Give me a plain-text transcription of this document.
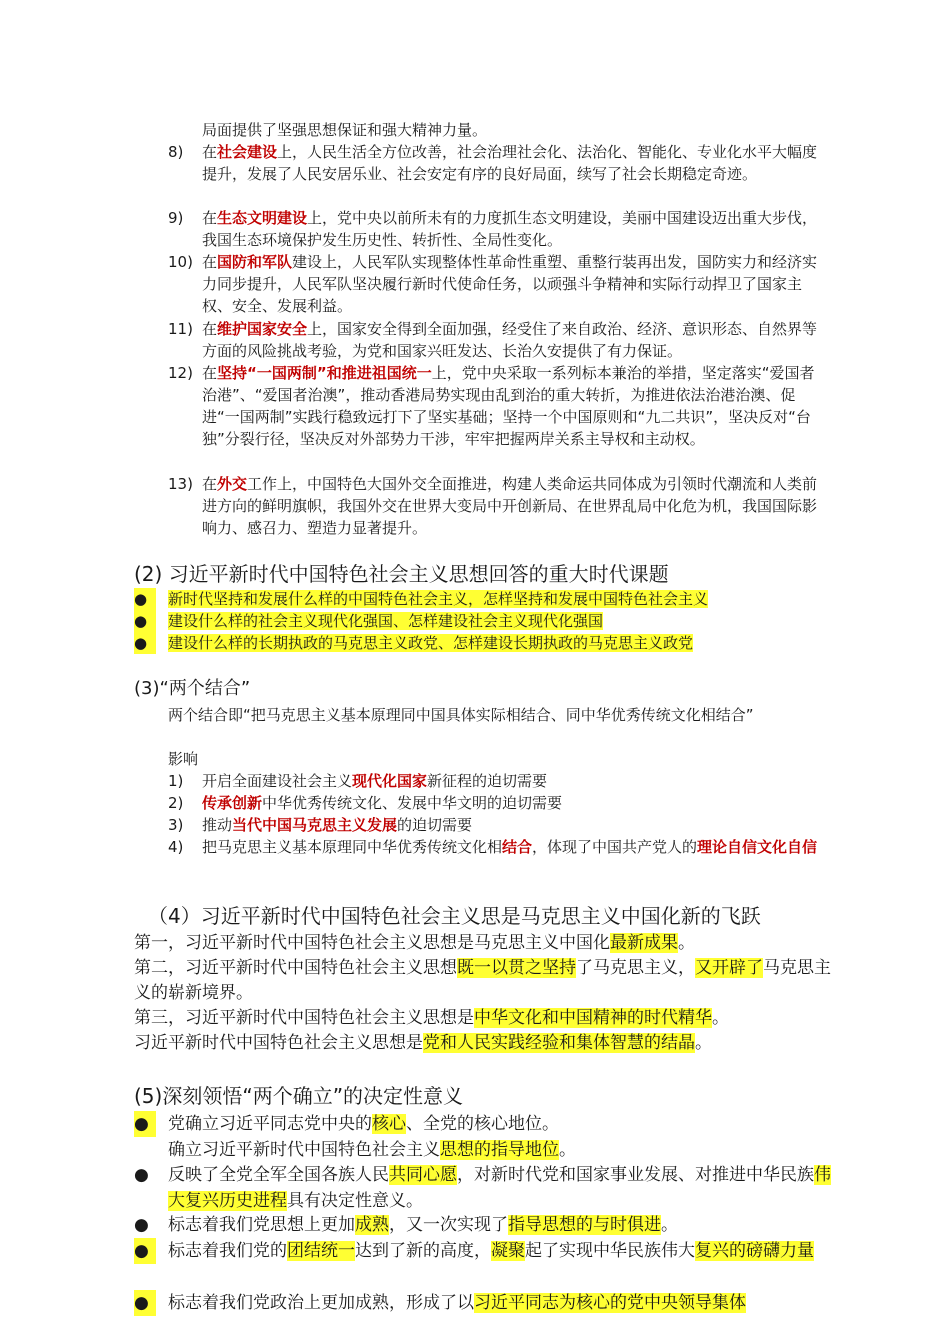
局面提供了坚强思想保证和强大精神力量。
8) 在社会建设上，人民生活全方位改善，社会治理社会化、法治化、智能化、专业化水平大幅度提升，发展了人民安居乐业、社会安定有序的良好局面，续写了社会长期稳定奇迹。
9) 在生态文明建设上，党中央以前所未有的力度抓生态文明建设，美丽中国建设迈出重大步伐，我国生态环境保护发生历史性、转折性、全局性变化。
10) 在国防和军队建设上，人民军队实现整体性革命性重塑、重整行装再出发，国防实力和经济实力同步提升，人民军队坚决履行新时代使命任务，以顽强斗争精神和实际行动捍卫了国家主权、安全、发展利益。
11) 在维护国家安全上，国家安全得到全面加强，经受住了来自政治、经济、意识形态、自然界等方面的风险挑战考验，为党和国家兴旺发达、长治久安提供了有力保证。
12) 在坚持“一国两制”和推进祖国统一上，党中央采取一系列标本兼治的举措，坚定落实“爱国者治港”、“爱国者治澳”，推动香港局势实现由乱到治的重大转折，为推进依法治港治澳、促进“一国两制”实践行稳致远打下了坚实基础；坚持一个中国原则和“九二共识”，坚决反对“台独”分裂行径，坚决反对外部势力干涉，牢牢把握两岸关系主导权和主动权。
13) 在外交工作上，中国特色大国外交全面推进，构建人类命运共同体成为引领时代潮流和人类前进方向的鲜明旗帜，我国外交在世界大变局中开创新局、在世界乱局中化危为机，我国国际影响力、感召力、塑造力显著提升。
(2) 习近平新时代中国特色社会主义思想回答的重大时代课题
●	新时代坚持和发展什么样的中国特色社会主义，怎样坚持和发展中国特色社会主义
●	建设什么样的社会主义现代化强国、怎样建设社会主义现代化强国
●	建设什么样的长期执政的马克思主义政党、怎样建设长期执政的马克思主义政党
(3)“两个结合”
两个结合即“把马克思主义基本原理同中国具体实际相结合、同中华优秀传统文化相结合”
影响
1) 开启全面建设社会主义现代化国家新征程的迫切需要
2) 传承创新中华优秀传统文化、发展中华文明的迫切需要
3) 推动当代中国马克思主义发展的迫切需要
4) 把马克思主义基本原理同中华优秀传统文化相结合，体现了中国共产党人的理论自信文化自信
（4）习近平新时代中国特色社会主义思是马克思主义中国化新的飞跃
第一，习近平新时代中国特色社会主义思想是马克思主义中国化最新成果。
第二，习近平新时代中国特色社会主义思想既一以贯之坚持了马克思主义，又开辟了马克思主义的崭新境界。
第三，习近平新时代中国特色社会主义思想是中华文化和中国精神的时代精华。
习近平新时代中国特色社会主义思想是党和人民实践经验和集体智慧的结晶。
(5)深刻领悟“两个确立”的决定性意义
●	党确立习近平同志党中央的核心、全党的核心地位。
确立习近平新时代中国特色社会主义思想的指导地位。
●	反映了全党全军全国各族人民共同心愿，对新时代党和国家事业发展、对推进中华民族伟大复兴历史进程具有决定性意义。
●	标志着我们党思想上更加成熟，又一次实现了指导思想的与时俱进。
●	标志着我们党的团结统一达到了新的高度，凝聚起了实现中华民族伟大复兴的磅礴力量
●	标志着我们党政治上更加成熟，形成了以习近平同志为核心的党中央领导集体
